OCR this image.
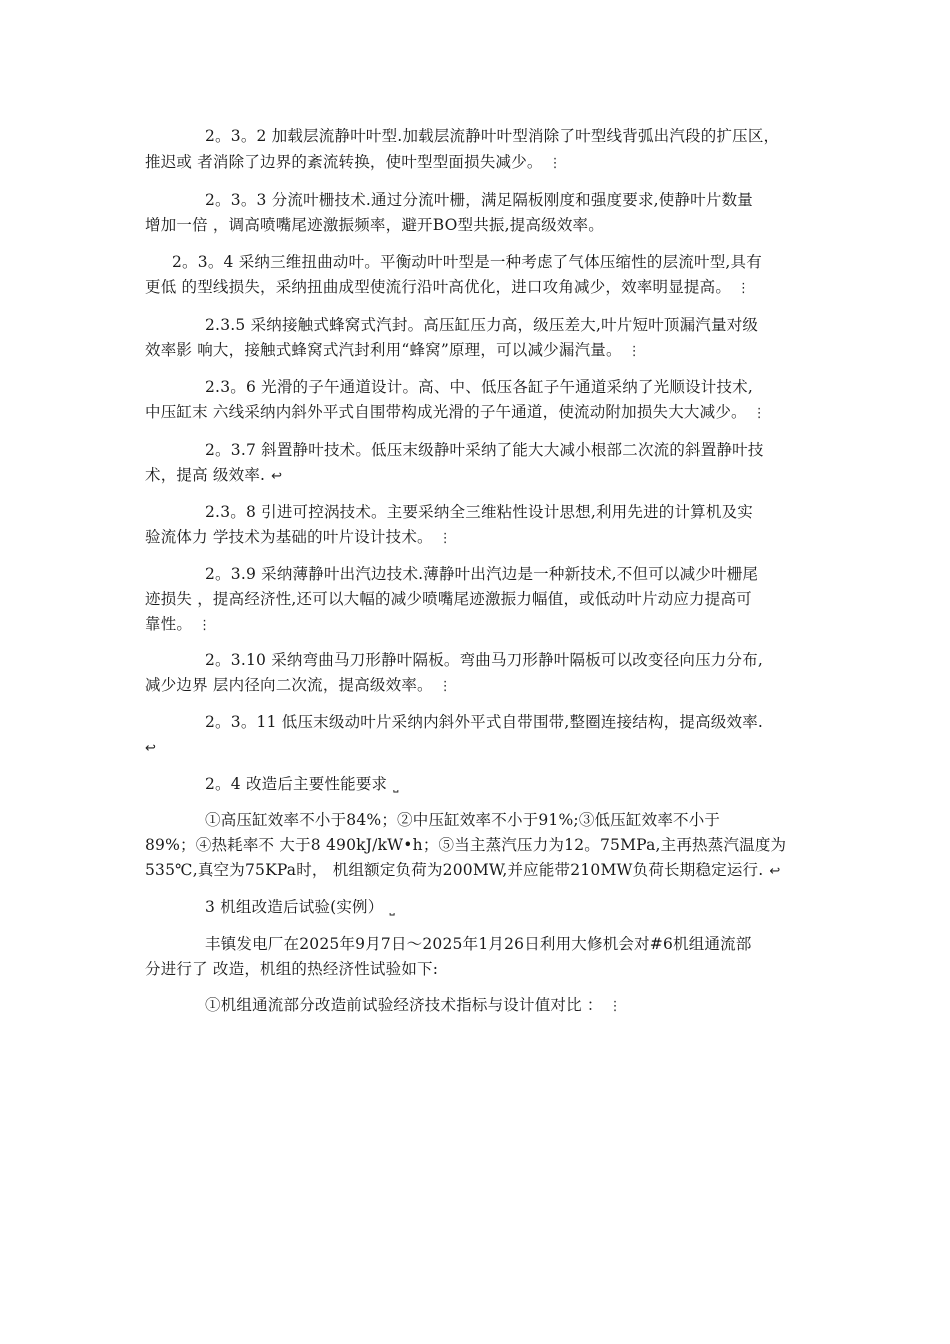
2。3。2 加载层流静叶叶型.加载层流静叶叶型消除了叶型线背弧出汽段的扩压区，
推迟或 者消除了边界的紊流转换，使叶型型面损失减少。 ⋮
2。3。3 分流叶栅技术.通过分流叶栅，满足隔板刚度和强度要求,使静叶片数量
增加一倍 ，调高喷嘴尾迹激振频率，避开BO型共振,提高级效率。
2。3。4 采纳三维扭曲动叶。平衡动叶叶型是一种考虑了气体压缩性的层流叶型,具有
更低 的型线损失，采纳扭曲成型使流行沿叶高优化，进口攻角减少，效率明显提高。 ⋮
2.3.5 采纳接触式蜂窝式汽封。高压缸压力高，级压差大,叶片短叶顶漏汽量对级
效率影 响大，接触式蜂窝式汽封利用“蜂窝”原理，可以减少漏汽量。 ⋮
2.3。6 光滑的子午通道设计。高、中、低压各缸子午通道采纳了光顺设计技术,
中压缸末 六线采纳内斜外平式自围带构成光滑的子午通道，使流动附加损失大大减少。 ⋮
2。3.7 斜置静叶技术。低压末级静叶采纳了能大大减小根部二次流的斜置静叶技
术，提高 级效率. ↩
2.3。8 引进可控涡技术。主要采纳全三维粘性设计思想,利用先进的计算机及实
验流体力 学技术为基础的叶片设计技术。 ⋮
2。3.9 采纳薄静叶出汽边技术.薄静叶出汽边是一种新技术,不但可以减少叶栅尾
迹损失 ，提高经济性,还可以大幅的减少喷嘴尾迹激振力幅值，或低动叶片动应力提高可
靠性。 ⋮
2。3.10 采纳弯曲马刀形静叶隔板。弯曲马刀形静叶隔板可以改变径向压力分布,
减少边界 层内径向二次流，提高级效率。 ⋮
2。3。11 低压末级动叶片采纳内斜外平式自带围带,整圈连接结构，提高级效率.
↩
2。4 改造后主要性能要求 ⎵
①高压缸效率不小于84%；②中压缸效率不小于91%;③低压缸效率不小于
89%；④热耗率不 大于8 490kJ/kW•h；⑤当主蒸汽压力为12。75MPa,主再热蒸汽温度为
535℃,真空为75KPa时， 机组额定负荷为200MW,并应能带210MW负荷长期稳定运行. ↩
3 机组改造后试验(实例） ⎵
丰镇发电厂在2025年9月7日～2025年1月26日利用大修机会对#6机组通流部
分进行了 改造，机组的热经济性试验如下:
①机组通流部分改造前试验经济技术指标与设计值对比 ： ⋮
